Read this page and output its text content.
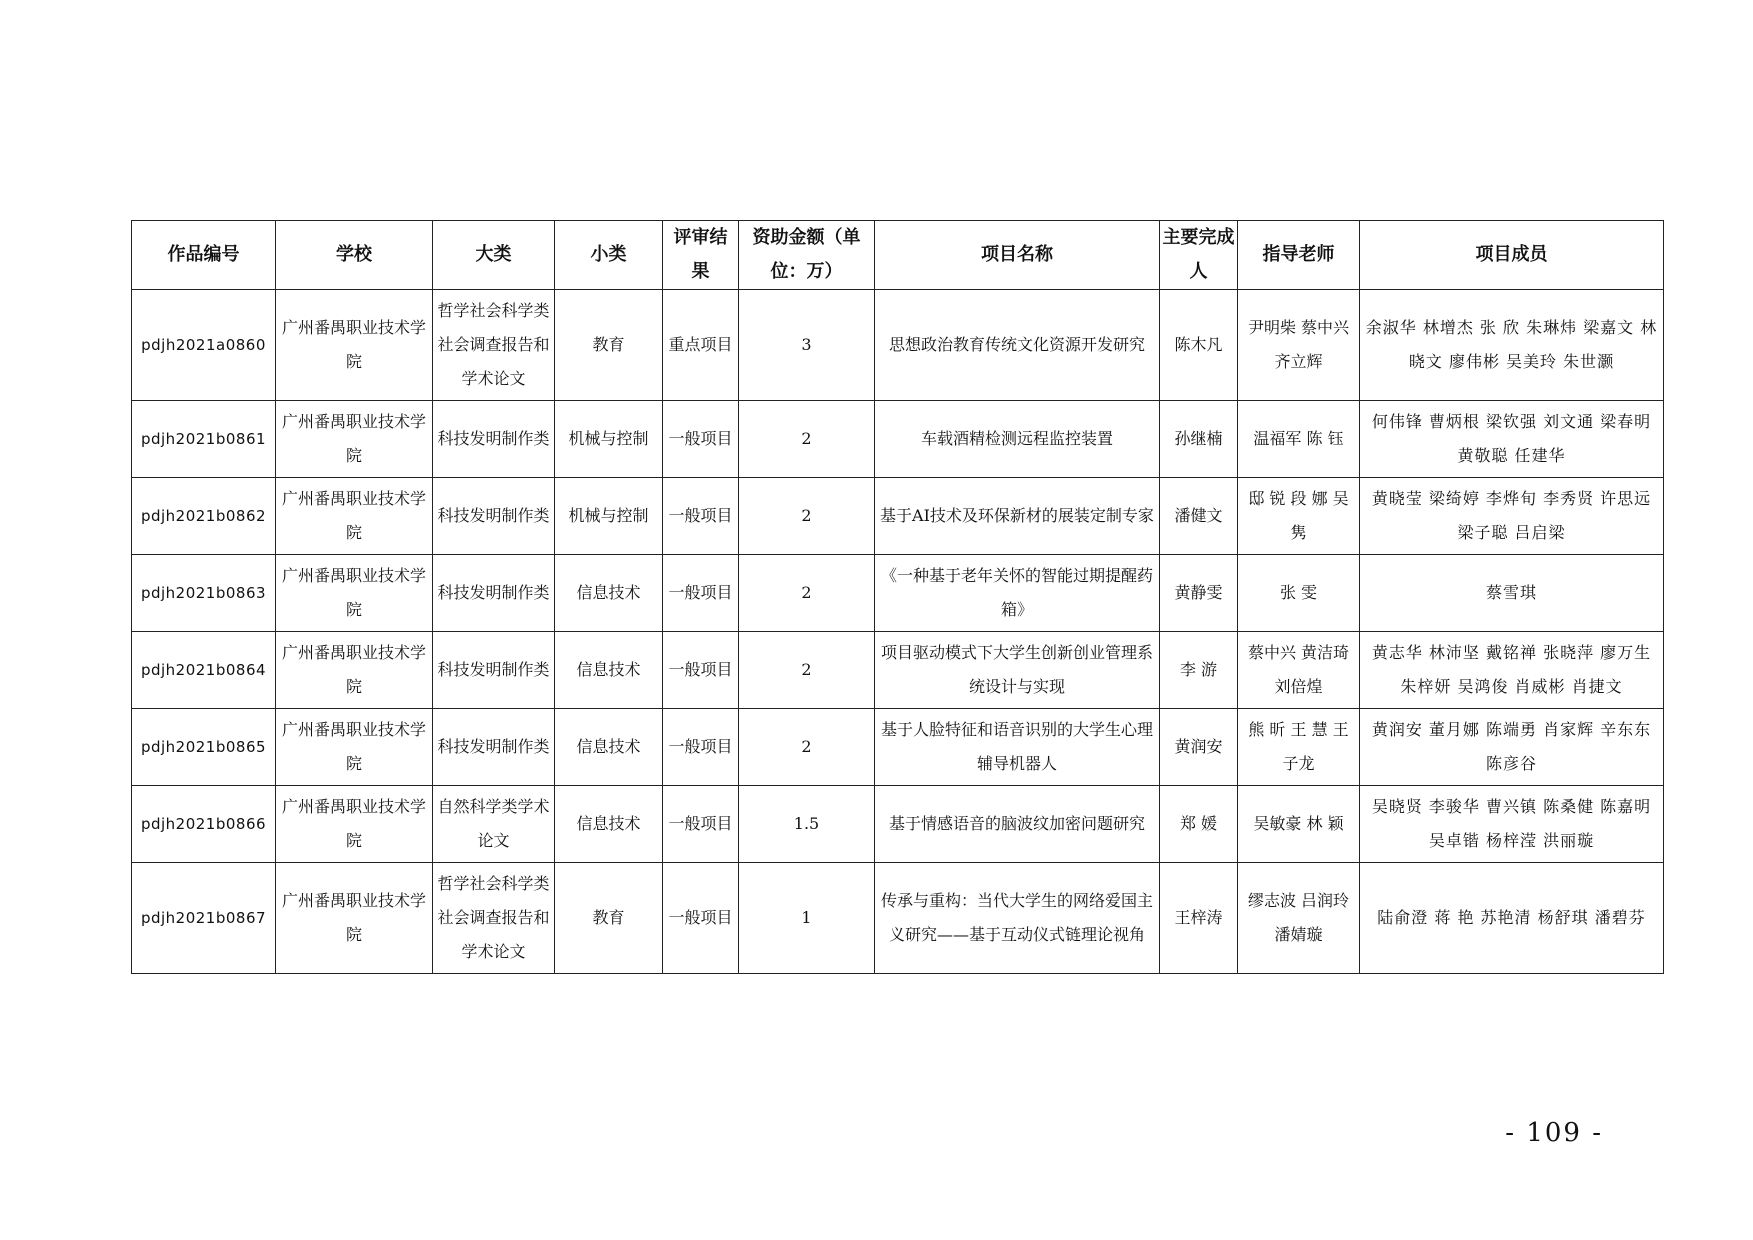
作品编号	学校	大类	小类	评审结果	资助金额（单位：万）	项目名称	主要完成人	指导老师	项目成员
pdjh2021a0860	广州番禺职业技术学院	哲学社会科学类社会调查报告和学术论文	教育	重点项目	3	思想政治教育传统文化资源开发研究	陈木凡	尹明柴 蔡中兴 齐立辉	余淑华 林增杰 张 欣 朱琳炜 梁嘉文 林晓文 廖伟彬 吴美玲 朱世灏
pdjh2021b0861	广州番禺职业技术学院	科技发明制作类	机械与控制	一般项目	2	车载酒精检测远程监控装置	孙继楠	温福军 陈 钰	何伟锋 曹炳根 梁钦强 刘文通 梁春明 黄敬聪 任建华
pdjh2021b0862	广州番禺职业技术学院	科技发明制作类	机械与控制	一般项目	2	基于AI技术及环保新材的展装定制专家	潘健文	邸 锐 段 娜 吴 隽	黄晓莹 梁绮婷 李烨旬 李秀贤 许思远 梁子聪 吕启梁
pdjh2021b0863	广州番禺职业技术学院	科技发明制作类	信息技术	一般项目	2	《一种基于老年关怀的智能过期提醒药箱》	黄静雯	张 雯	蔡雪琪
pdjh2021b0864	广州番禺职业技术学院	科技发明制作类	信息技术	一般项目	2	项目驱动模式下大学生创新创业管理系统设计与实现	李 游	蔡中兴 黄洁琦 刘倍煌	黄志华 林沛坚 戴铭禅 张晓萍 廖万生 朱梓妍 吴鸿俊 肖威彬 肖捷文
pdjh2021b0865	广州番禺职业技术学院	科技发明制作类	信息技术	一般项目	2	基于人脸特征和语音识别的大学生心理辅导机器人	黄润安	熊 昕 王 慧 王子龙	黄润安 董月娜 陈端勇 肖家辉 辛东东 陈彦谷
pdjh2021b0866	广州番禺职业技术学院	自然科学类学术论文	信息技术	一般项目	1.5	基于情感语音的脑波纹加密问题研究	郑 媛	吴敏豪 林 颖	吴晓贤 李骏华 曹兴镇 陈桑健 陈嘉明 吴卓锴 杨梓滢 洪丽璇
pdjh2021b0867	广州番禺职业技术学院	哲学社会科学类社会调查报告和学术论文	教育	一般项目	1	传承与重构：当代大学生的网络爱国主义研究——基于互动仪式链理论视角	王梓涛	缪志波 吕润玲 潘婧璇	陆俞澄 蒋 艳 苏艳清 杨舒琪 潘碧芬
- 109 -
